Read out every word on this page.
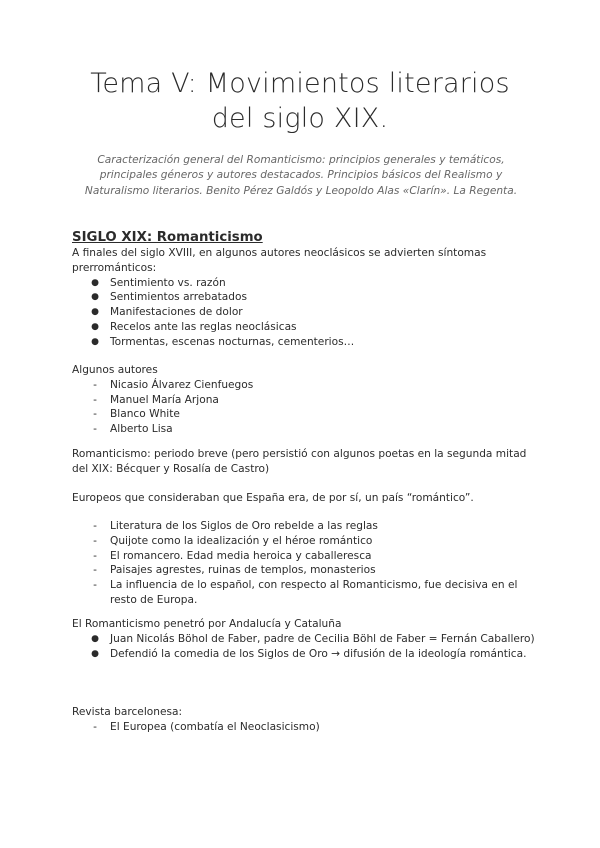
Tema V: Movimientos literarios
del siglo XIX.
Caracterización general del Romanticismo: principios generales y temáticos, principales géneros y autores destacados. Principios básicos del Realismo y Naturalismo literarios. Benito Pérez Galdós y Leopoldo Alas «Clarín». La Regenta.
SIGLO XIX: Romanticismo
A finales del siglo XVIII, en algunos autores neoclásicos se advierten síntomas prerrománticos:
● Sentimiento vs. razón
● Sentimientos arrebatados
● Manifestaciones de dolor
● Recelos ante las reglas neoclásicas
● Tormentas, escenas nocturnas, cementerios…
Algunos autores
-	Nicasio Álvarez Cienfuegos
-	Manuel María Arjona
-	Blanco White
-	Alberto Lisa
Romanticismo: periodo breve (pero persistió con algunos poetas en la segunda mitad del XIX: Bécquer y Rosalía de Castro)
Europeos que consideraban que España era, de por sí, un país “romántico”.
-	Literatura de los Siglos de Oro rebelde a las reglas
-	Quijote como la idealización y el héroe romántico
-	El romancero. Edad media heroica y caballeresca
-	Paisajes agrestes, ruinas de templos, monasterios
-	La influencia de lo español, con respecto al Romanticismo, fue decisiva en el resto de Europa.
El Romanticismo penetró por Andalucía y Cataluña
● Juan Nicolás Böhol de Faber, padre de Cecilia Böhl de Faber = Fernán Caballero)
● Defendió la comedia de los Siglos de Oro → difusión de la ideología romántica.
Revista barcelonesa:
-	El Europea (combatía el Neoclasicismo)
